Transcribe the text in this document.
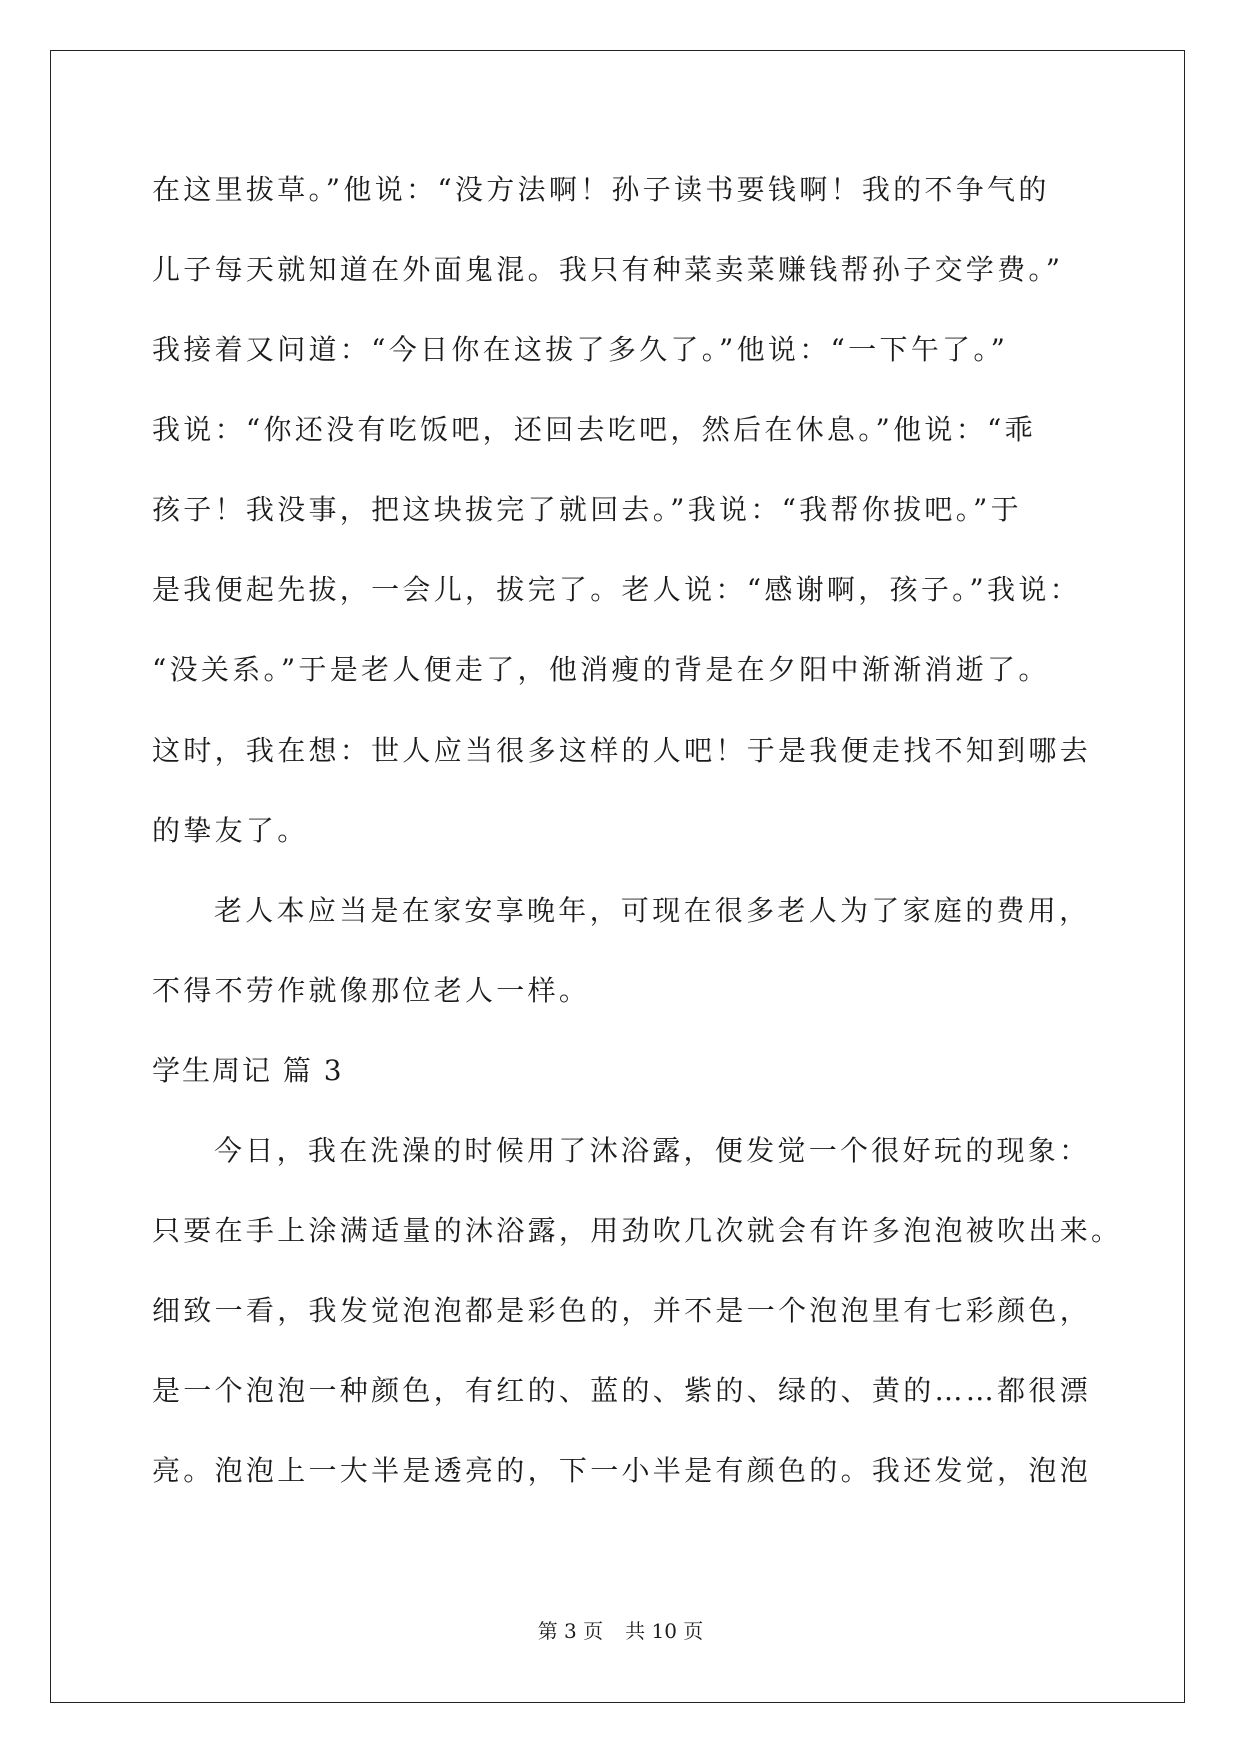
在这里拔草。”他说：“没方法啊！孙子读书要钱啊！我的不争气的
儿子每天就知道在外面鬼混。我只有种菜卖菜赚钱帮孙子交学费。”
我接着又问道：“今日你在这拔了多久了。”他说：“一下午了。”
我说：“你还没有吃饭吧，还回去吃吧，然后在休息。”他说：“乖
孩子！我没事，把这块拔完了就回去。”我说：“我帮你拔吧。”于
是我便起先拔，一会儿，拔完了。老人说：“感谢啊，孩子。”我说：
“没关系。”于是老人便走了，他消瘦的背是在夕阳中渐渐消逝了。
这时，我在想：世人应当很多这样的人吧！于是我便走找不知到哪去
的挚友了。
老人本应当是在家安享晚年，可现在很多老人为了家庭的费用，
不得不劳作就像那位老人一样。
学生周记 篇 3
今日，我在洗澡的时候用了沐浴露，便发觉一个很好玩的现象：
只要在手上涂满适量的沐浴露，用劲吹几次就会有许多泡泡被吹出来。
细致一看，我发觉泡泡都是彩色的，并不是一个泡泡里有七彩颜色，
是一个泡泡一种颜色，有红的、蓝的、紫的、绿的、黄的……都很漂
亮。泡泡上一大半是透亮的，下一小半是有颜色的。我还发觉，泡泡
第 3 页 共 10 页
